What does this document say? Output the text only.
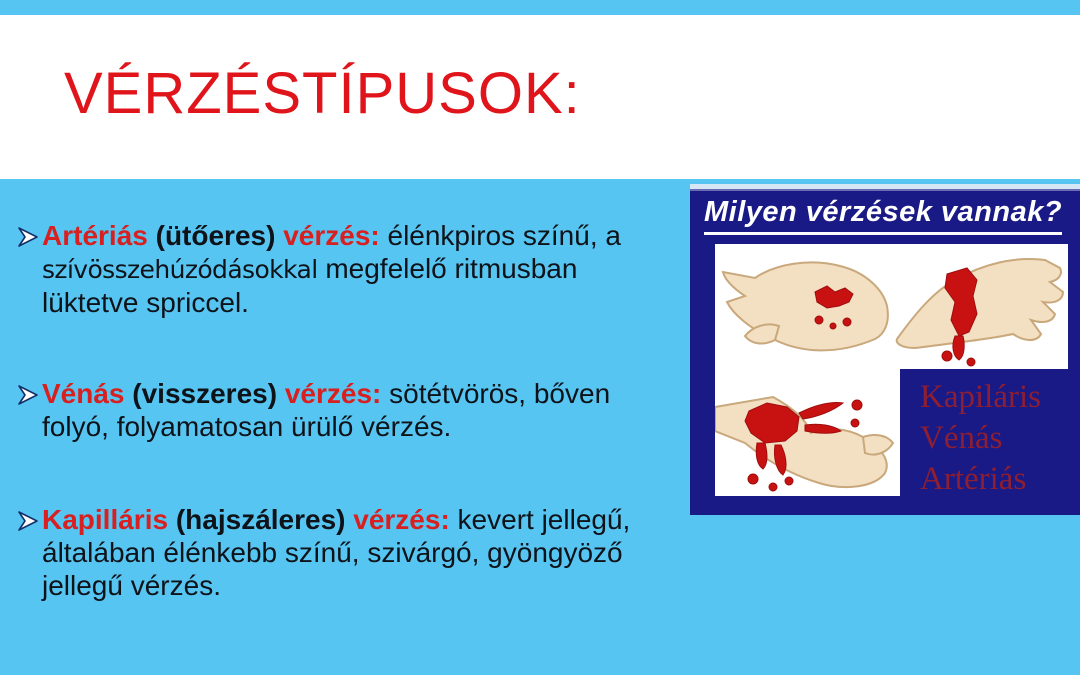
VÉRZÉSTÍPUSOK:
Artériás (ütőeres) vérzés: élénkpiros színű, a szívösszehúzódásokkal megfelelő ritmusban lüktetve spriccel.
Vénás (visszeres) vérzés: sötétvörös, bőven folyó, folyamatosan ürülő vérzés.
Kapilláris (hajszáleres) vérzés: kevert jellegű, általában élénkebb színű, szivárgó, gyöngyöző jellegű vérzés.
Milyen vérzések vannak?
Kapiláris
Vénás
Artériás
